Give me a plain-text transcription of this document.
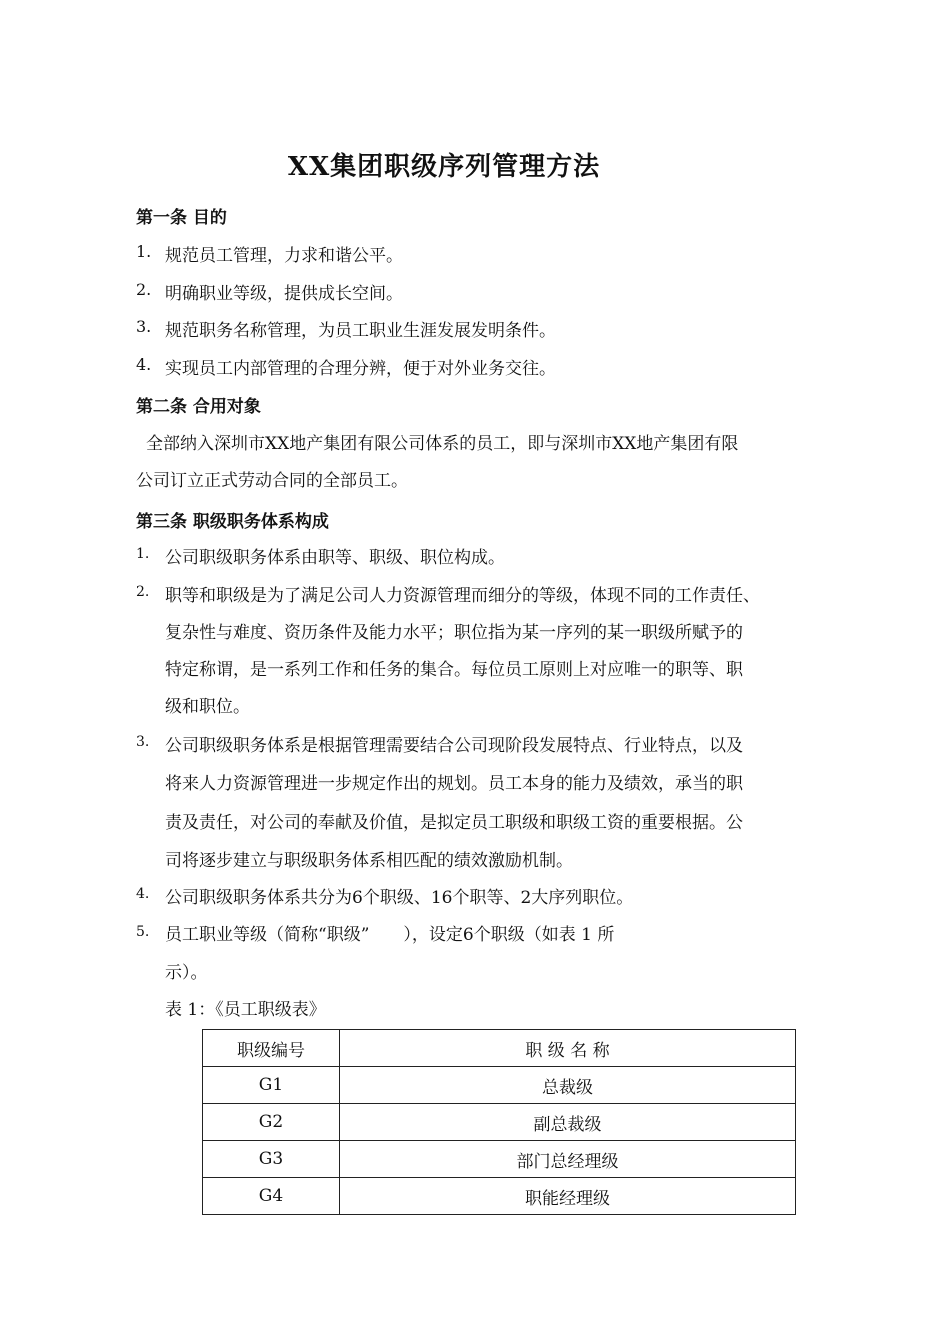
XX集团职级序列管理方法
第一条 目的
1. 规范员工管理，力求和谐公平。
2. 明确职业等级，提供成长空间。
3. 规范职务名称管理，为员工职业生涯发展发明条件。
4. 实现员工内部管理的合理分辨，便于对外业务交往。
第二条 合用对象
全部纳入深圳市XX地产集团有限公司体系的员工，即与深圳市XX地产集团有限
公司订立正式劳动合同的全部员工。
第三条 职级职务体系构成
1. 公司职级职务体系由职等、职级、职位构成。
2. 职等和职级是为了满足公司人力资源管理而细分的等级，体现不同的工作责任、
复杂性与难度、资历条件及能力水平；职位指为某一序列的某一职级所赋予的
特定称谓，是一系列工作和任务的集合。每位员工原则上对应唯一的职等、职
级和职位。
3. 公司职级职务体系是根据管理需要结合公司现阶段发展特点、行业特点，以及
将来人力资源管理进一步规定作出的规划。员工本身的能力及绩效，承当的职
责及责任，对公司的奉献及价值，是拟定员工职级和职级工资的重要根据。公
司将逐步建立与职级职务体系相匹配的绩效激励机制。
4. 公司职级职务体系共分为6个职级、16个职等、2大序列职位。
5. 员工职业等级（简称“职级”　　），设定6个职级（如表 1 所
示）。
表 1：《员工职级表》
职级编号	职 级 名 称
G1	总裁级
G2	副总裁级
G3	部门总经理级
G4	职能经理级
